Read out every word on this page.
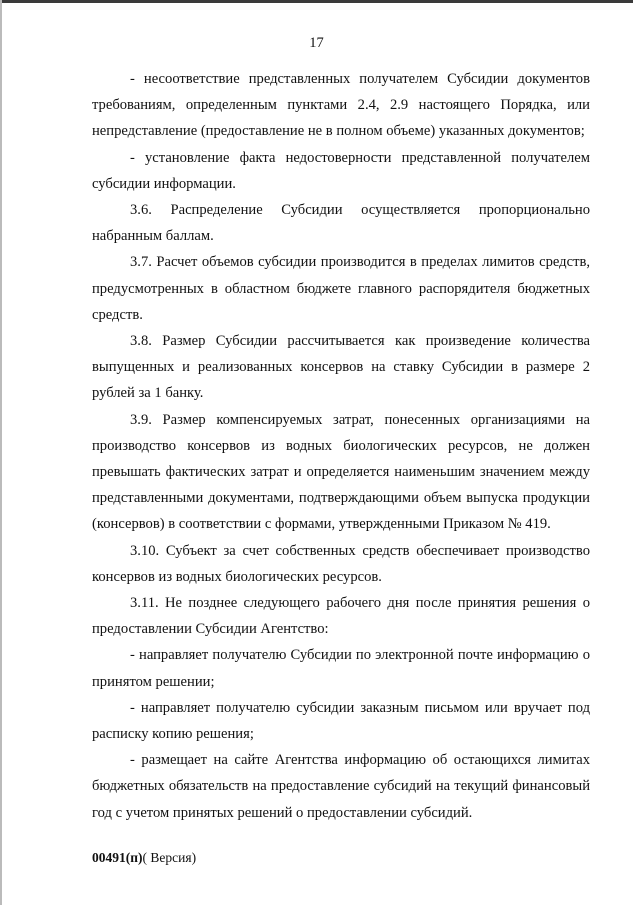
17

- несоответствие представленных получателем Субсидии документов требованиям, определенным пунктами 2.4, 2.9 настоящего Порядка, или непредставление (предоставление не в полном объеме) указанных документов;

- установление факта недостоверности представленной получателем субсидии информации.

3.6. Распределение Субсидии осуществляется пропорционально набранным баллам.

3.7. Расчет объемов субсидии производится в пределах лимитов средств, предусмотренных в областном бюджете главного распорядителя бюджетных средств.

3.8. Размер Субсидии рассчитывается как произведение количества выпущенных и реализованных консервов на ставку Субсидии в размере 2 рублей за 1 банку.

3.9. Размер компенсируемых затрат, понесенных организациями на производство консервов из водных биологических ресурсов, не должен превышать фактических затрат и определяется наименьшим значением между представленными документами, подтверждающими объем выпуска продукции (консервов) в соответствии с формами, утвержденными Приказом № 419.

3.10. Субъект за счет собственных средств обеспечивает производство консервов из водных биологических ресурсов.

3.11. Не позднее следующего рабочего дня после принятия решения о предоставлении Субсидии Агентство:

- направляет получателю Субсидии по электронной почте информацию о принятом решении;

- направляет получателю субсидии заказным письмом или вручает под расписку копию решения;

- размещает на сайте Агентства информацию об остающихся лимитах бюджетных обязательств на предоставление субсидий на текущий финансовый год с учетом принятых решений о предоставлении субсидий.

00491(п)( Версия)
